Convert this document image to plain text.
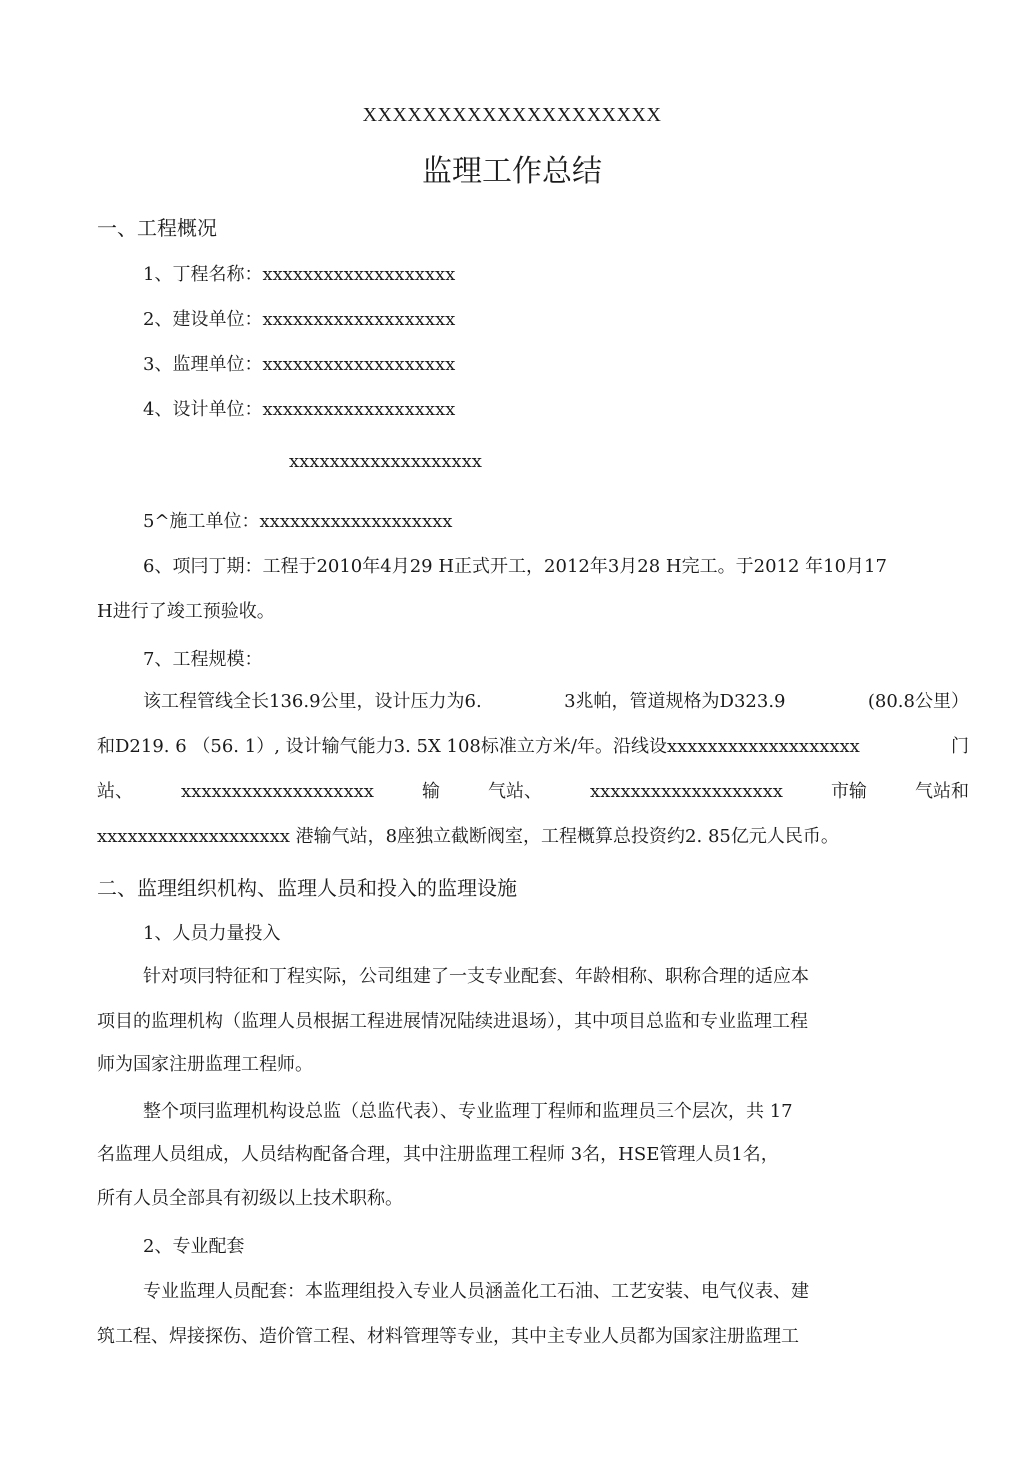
XXXXXXXXXXXXXXXXXXXX
监理工作总结
一、工程概况
1、丁程名称：xxxxxxxxxxxxxxxxxxx
2、建设单位：xxxxxxxxxxxxxxxxxxx
3、监理单位：xxxxxxxxxxxxxxxxxxx
4、设计单位：xxxxxxxxxxxxxxxxxxx
xxxxxxxxxxxxxxxxxxx
5^施工单位：xxxxxxxxxxxxxxxxxxx
6、项冃丁期：工程于2010年4月29 H正式开工，2012年3月28 H完工。于2012 年10月17
H进行了竣工预验收。
7、工程规模：
该工程管线全长136.9公里，设计压力为6.	3兆帕，管道规格为D323.9	(80.8公里）
和D219. 6 （56. 1）, 设计输气能力3. 5X 108标准立方米/年。沿线设xxxxxxxxxxxxxxxxxxx	门
站、	xxxxxxxxxxxxxxxxxxx	输	气站、	xxxxxxxxxxxxxxxxxxx	市输	气站和
xxxxxxxxxxxxxxxxxxx 港输气站，8座独立截断阀室，工程概算总投资约2. 85亿元人民币。
二、监理组织机构、监理人员和投入的监理设施
1、人员力量投入
针对项冃特征和丁程实际，公司组建了一支专业配套、年龄相称、职称合理的适应本
项目的监理机构（监理人员根据工程进展情况陆续进退场），其中项目总监和专业监理工程
师为国家注册监理工程师。
整个项冃监理机构设总监（总监代表）、专业监理丁程师和监理员三个层次，共 17
名监理人员组成，人员结构配备合理，其中注册监理工程师 3名，HSE管理人员1名，
所有人员全部具有初级以上技术职称。
2、专业配套
专业监理人员配套：本监理组投入专业人员涵盖化工石油、工艺安装、电气仪表、建
筑工程、焊接探伤、造价管工程、材料管理等专业，其中主专业人员都为国家注册监理工
